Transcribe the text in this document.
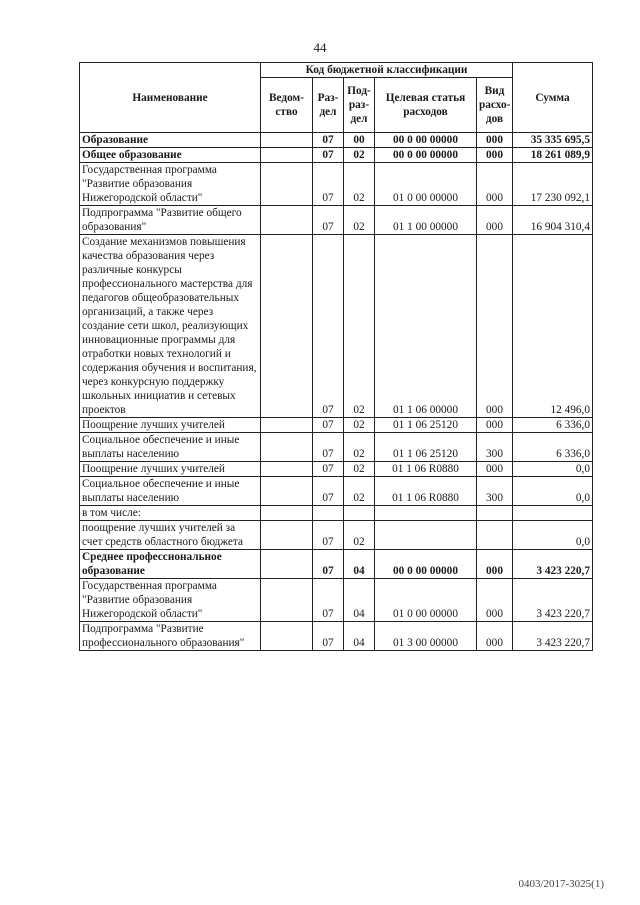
44
Наименование	Код бюджетной классификации					Сумма
	Ведом-ство	Раз-дел	Под-раз-дел	Целевая статья расходов	Вид расхо-дов	
Образование		07	00	00 0 00 00000	000	35 335 695,5
Общее образование		07	02	00 0 00 00000	000	18 261 089,9
Государственная программа "Развитие образования Нижегородской области"		07	02	01 0 00 00000	000	17 230 092,1
Подпрограмма "Развитие общего образования"		07	02	01 1 00 00000	000	16 904 310,4
Создание механизмов повышения качества образования через различные конкурсы профессионального мастерства для педагогов общеобразовательных организаций, а также через создание сети школ, реализующих инновационные программы для отработки новых технологий и содержания обучения и воспитания, через конкурсную поддержку школьных инициатив и сетевых проектов		07	02	01 1 06 00000	000	12 496,0
Поощрение лучших учителей		07	02	01 1 06 25120	000	6 336,0
Социальное обеспечение и иные выплаты населению		07	02	01 1 06 25120	300	6 336,0
Поощрение лучших учителей		07	02	01 1 06 R0880	000	0,0
Социальное обеспечение и иные выплаты населению		07	02	01 1 06 R0880	300	0,0
в том числе:						
поощрение лучших учителей за счет средств областного бюджета		07	02			0,0
Среднее профессиональное образование		07	04	00 0 00 00000	000	3 423 220,7
Государственная программа "Развитие образования Нижегородской области"		07	04	01 0 00 00000	000	3 423 220,7
Подпрограмма "Развитие профессионального образования"		07	04	01 3 00 00000	000	3 423 220,7
0403/2017-3025(1)
